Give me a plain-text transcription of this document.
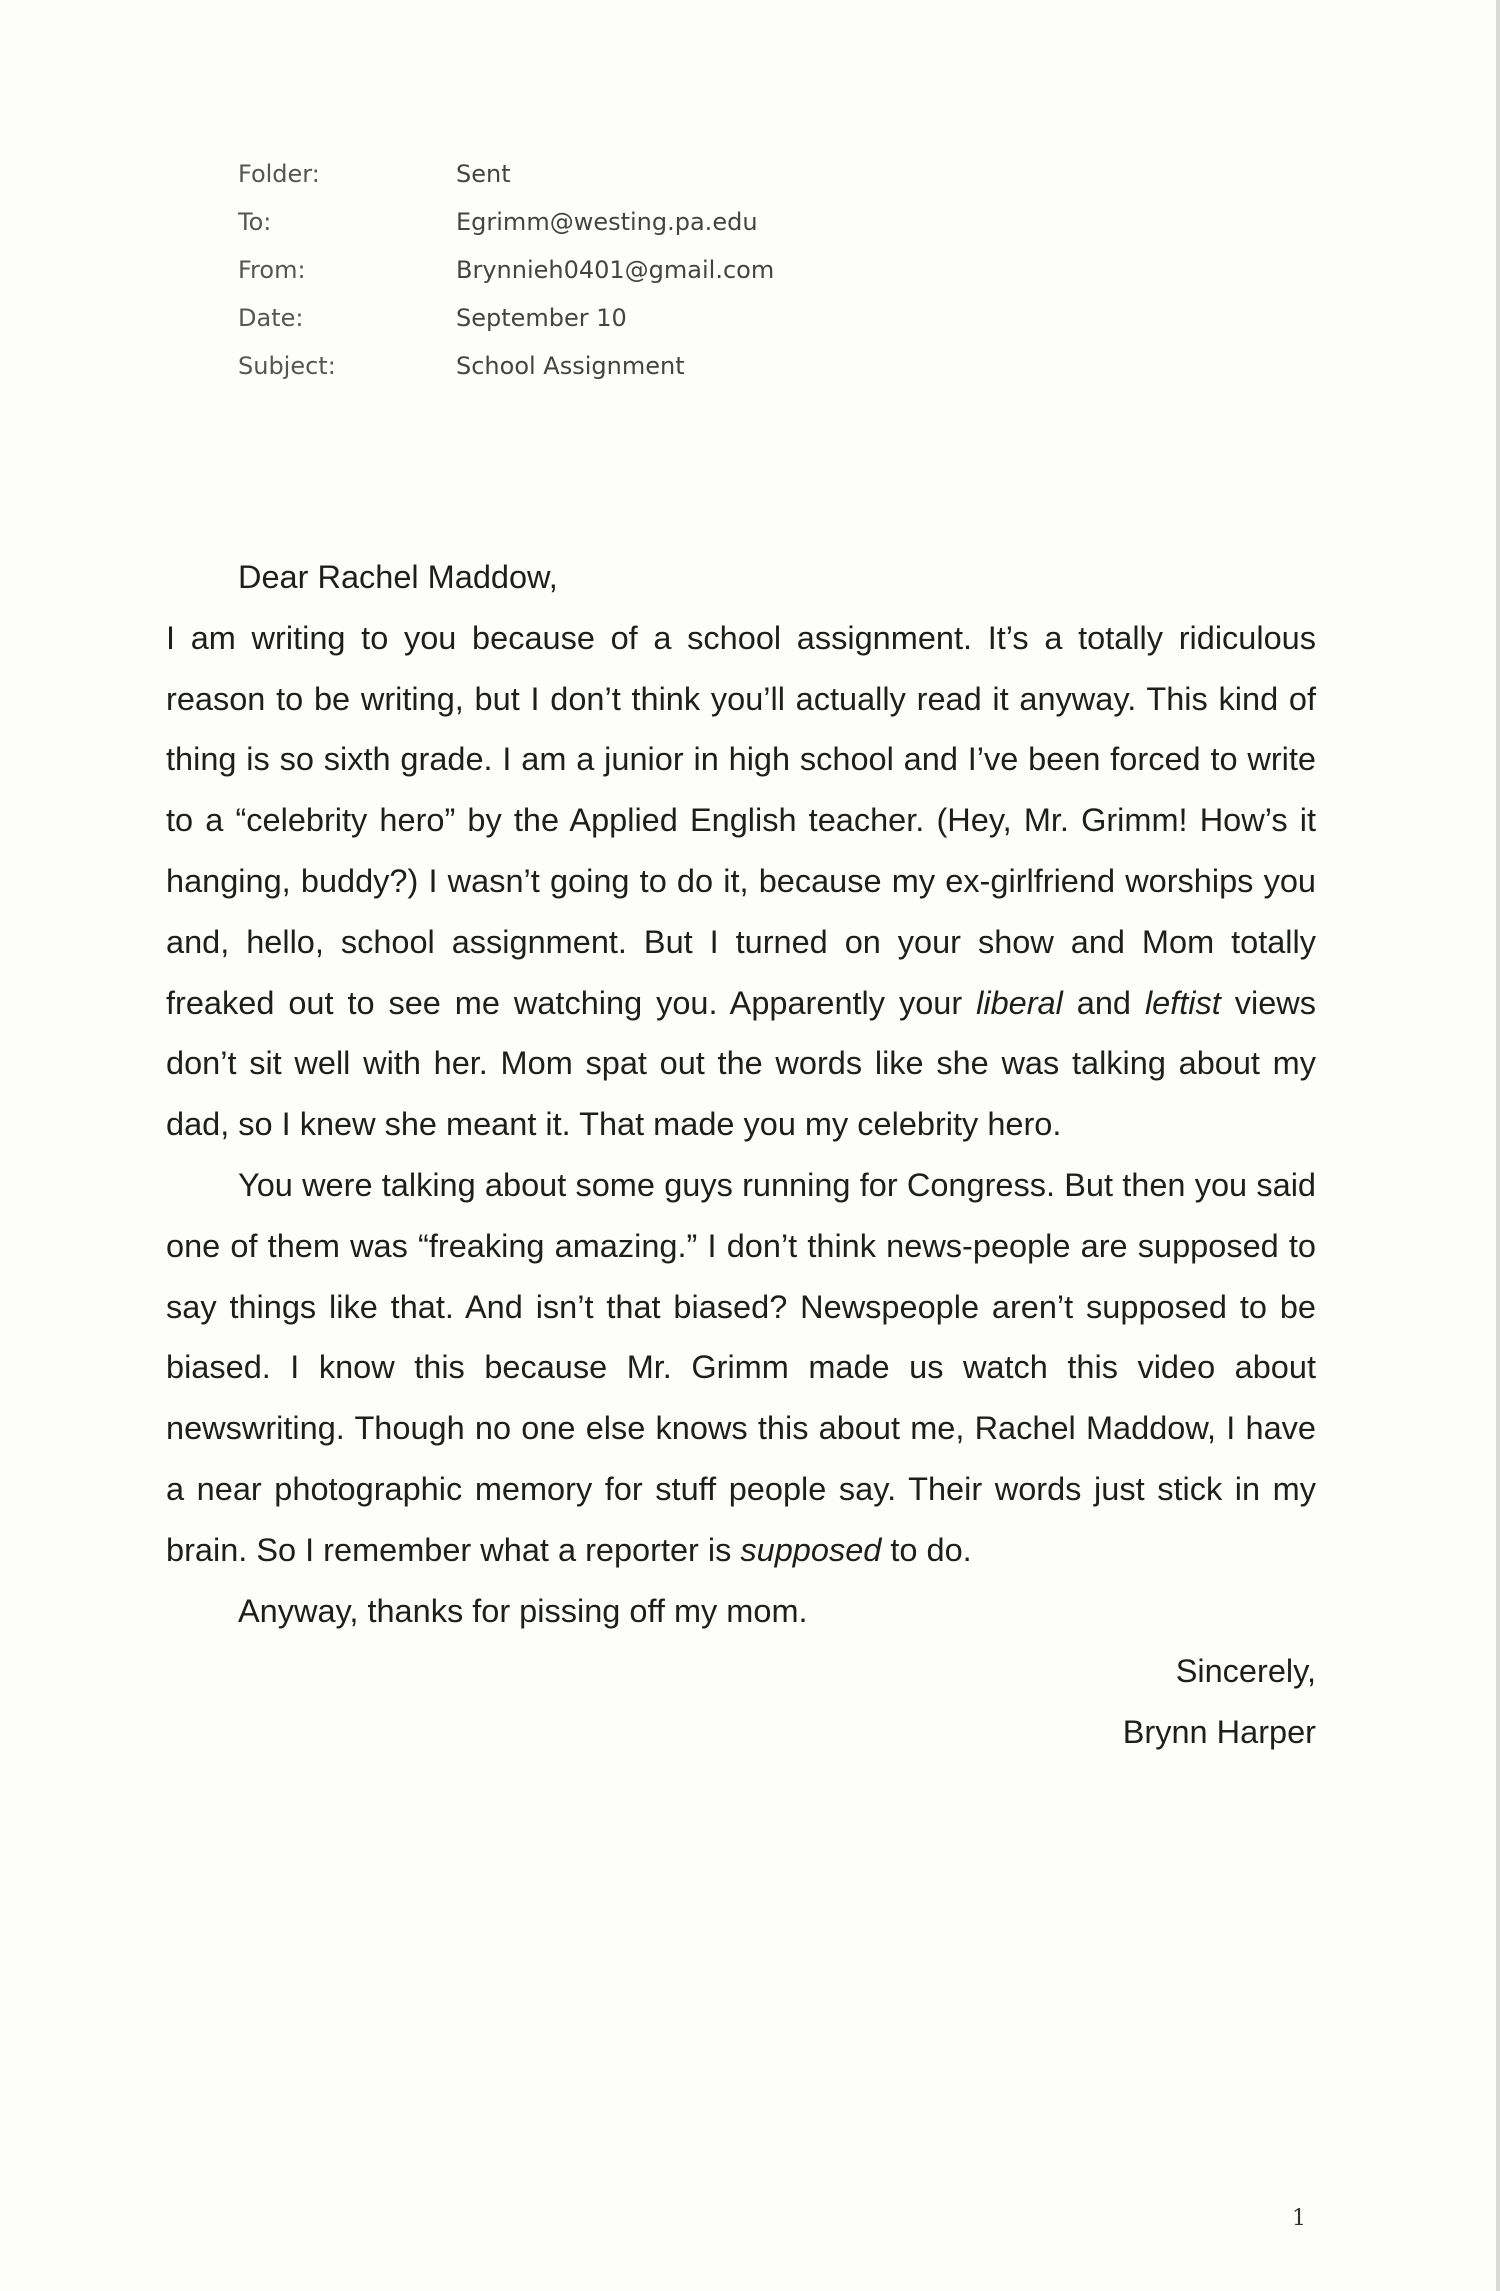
Folder:	Sent
To:	Egrimm@westing.pa.edu
From:	Brynnieh0401@gmail.com
Date:	September 10
Subject:	School Assignment

Dear Rachel Maddow,

I am writing to you because of a school assignment. It’s a totally ridiculous reason to be writing, but I don’t think you’ll actually read it anyway. This kind of thing is so sixth grade. I am a junior in high school and I’ve been forced to write to a “celebrity hero” by the Applied English teacher. (Hey, Mr. Grimm! How’s it hanging, buddy?) I wasn’t going to do it, because my ex-girlfriend worships you and, hello, school assignment. But I turned on your show and Mom totally freaked out to see me watching you. Apparently your liberal and leftist views don’t sit well with her. Mom spat out the words like she was talking about my dad, so I knew she meant it. That made you my celebrity hero.

You were talking about some guys running for Congress. But then you said one of them was “freaking amazing.” I don’t think news-people are supposed to say things like that. And isn’t that biased? Newspeople aren’t supposed to be biased. I know this because Mr. Grimm made us watch this video about newswriting. Though no one else knows this about me, Rachel Maddow, I have a near photographic memory for stuff people say. Their words just stick in my brain. So I remember what a reporter is supposed to do.

Anyway, thanks for pissing off my mom.

Sincerely,

Brynn Harper

1
